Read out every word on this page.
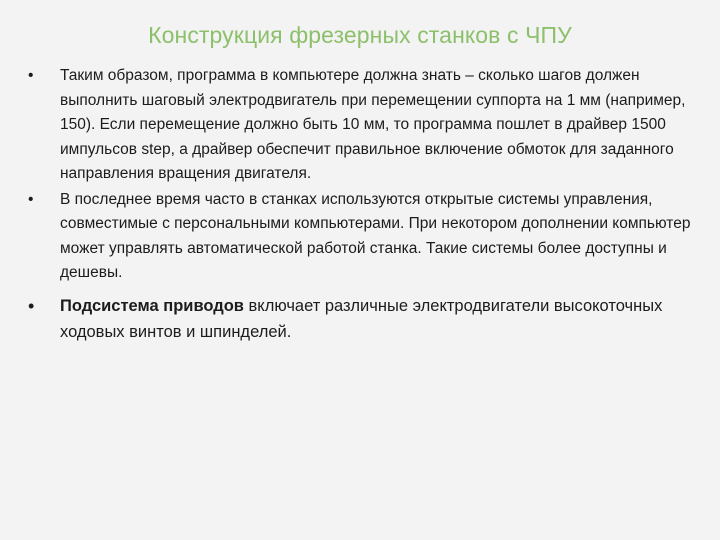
Конструкция фрезерных станков с ЧПУ
• Таким образом, программа в компьютере должна знать – сколько шагов должен выполнить шаговый электродвигатель при перемещении суппорта на 1 мм (например, 150). Если перемещение должно быть 10 мм, то программа пошлет в драйвер 1500 импульсов step, а драйвер обеспечит правильное включение обмоток для заданного направления вращения двигателя.
• В последнее время часто в станках используются открытые системы управления, совместимые с персональными компьютерами. При некотором дополнении компьютер может управлять автоматической работой станка. Такие системы более доступны и дешевы.
• Подсистема приводов включает различные электродвигатели высокоточных ходовых винтов и шпинделей.
